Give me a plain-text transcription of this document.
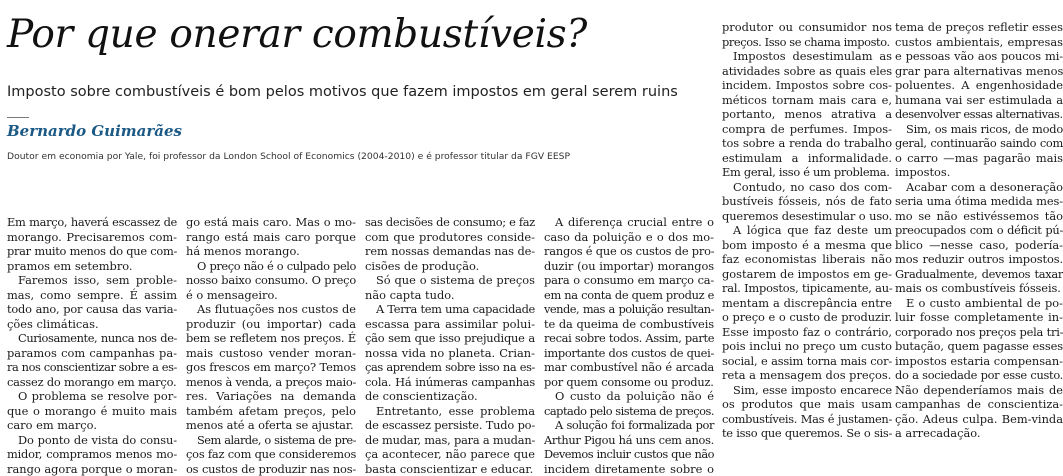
Por que onerar combustíveis?

Imposto sobre combustíveis é bom pelos motivos que fazem impostos em geral serem ruins

Bernardo Guimarães

Doutor em economia por Yale, foi professor da London School of Economics (2004-2010) e é professor titular da FGV EESP

Em março, haverá escassez de
morango. Precisaremos com-
prar muito menos do que com-
pramos em setembro.
Faremos isso, sem proble-
mas, como sempre. É assim
todo ano, por causa das varia-
ções climáticas.
Curiosamente, nunca nos de-
paramos com campanhas pa-
ra nos conscientizar sobre a es-
cassez do morango em março.
O problema se resolve por-
que o morango é muito mais
caro em março.
Do ponto de vista do consu-
midor, compramos menos mo-
rango agora porque o moran-
go está mais caro. Mas o mo-
rango está mais caro porque
há menos morango.
O preço não é o culpado pelo
nosso baixo consumo. O preço
é o mensageiro.
As flutuações nos custos de
produzir (ou importar) cada
bem se refletem nos preços. É
mais custoso vender moran-
gos frescos em março? Temos
menos à venda, a preços maio-
res. Variações na demanda
também afetam preços, pelo
menos até a oferta se ajustar.
Sem alarde, o sistema de pre-
ços faz com que consideremos
os custos de produzir nas nos-
sas decisões de consumo; e faz
com que produtores conside-
rem nossas demandas nas de-
cisões de produção.
Só que o sistema de preços
não capta tudo.
A Terra tem uma capacidade
escassa para assimilar polui-
ção sem que isso prejudique a
nossa vida no planeta. Crian-
ças aprendem sobre isso na es-
cola. Há inúmeras campanhas
de conscientização.
Entretanto, esse problema
de escassez persiste. Tudo po-
de mudar, mas, para a mudan-
ça acontecer, não parece que
basta conscientizar e educar.
A diferença crucial entre o
caso da poluição e o dos mo-
rangos é que os custos de pro-
duzir (ou importar) morangos
para o consumo em março ca-
em na conta de quem produz e
vende, mas a poluição resultan-
te da queima de combustíveis
recai sobre todos. Assim, parte
importante dos custos de quei-
mar combustível não é arcada
por quem consome ou produz.
O custo da poluição não é
captado pelo sistema de preços.
A solução foi formalizada por
Arthur Pigou há uns cem anos.
Devemos incluir custos que não
incidem diretamente sobre o
produtor ou consumidor nos
preços. Isso se chama imposto.
Impostos desestimulam as
atividades sobre as quais eles
incidem. Impostos sobre cos-
méticos tornam mais cara e,
portanto, menos atrativa a
compra de perfumes. Impos-
tos sobre a renda do trabalho
estimulam a informalidade.
Em geral, isso é um problema.
Contudo, no caso dos com-
bustíveis fósseis, nós de fato
queremos desestimular o uso.
A lógica que faz deste um
bom imposto é a mesma que
faz economistas liberais não
gostarem de impostos em ge-
ral. Impostos, tipicamente, au-
mentam a discrepância entre
o preço e o custo de produzir.
Esse imposto faz o contrário,
pois inclui no preço um custo
social, e assim torna mais cor-
reta a mensagem dos preços.
Sim, esse imposto encarece
os produtos que mais usam
combustíveis. Mas é justamen-
te isso que queremos. Se o sis-
tema de preços refletir esses
custos ambientais, empresas
e pessoas vão aos poucos mi-
grar para alternativas menos
poluentes. A engenhosidade
humana vai ser estimulada a
desenvolver essas alternativas.
Sim, os mais ricos, de modo
geral, continuarão saindo com
o carro —mas pagarão mais
impostos.
Acabar com a desoneração
seria uma ótima medida mes-
mo se não estivéssemos tão
preocupados com o déficit pú-
blico —nesse caso, podería-
mos reduzir outros impostos.
Gradualmente, devemos taxar
mais os combustíveis fósseis.
E o custo ambiental de po-
luir fosse completamente in-
corporado nos preços pela tri-
butação, quem pagasse esses
impostos estaria compensan-
do a sociedade por esse custo.
Não dependeríamos mais de
campanhas de conscientiza-
ção. Adeus culpa. Bem-vinda
a arrecadação.
